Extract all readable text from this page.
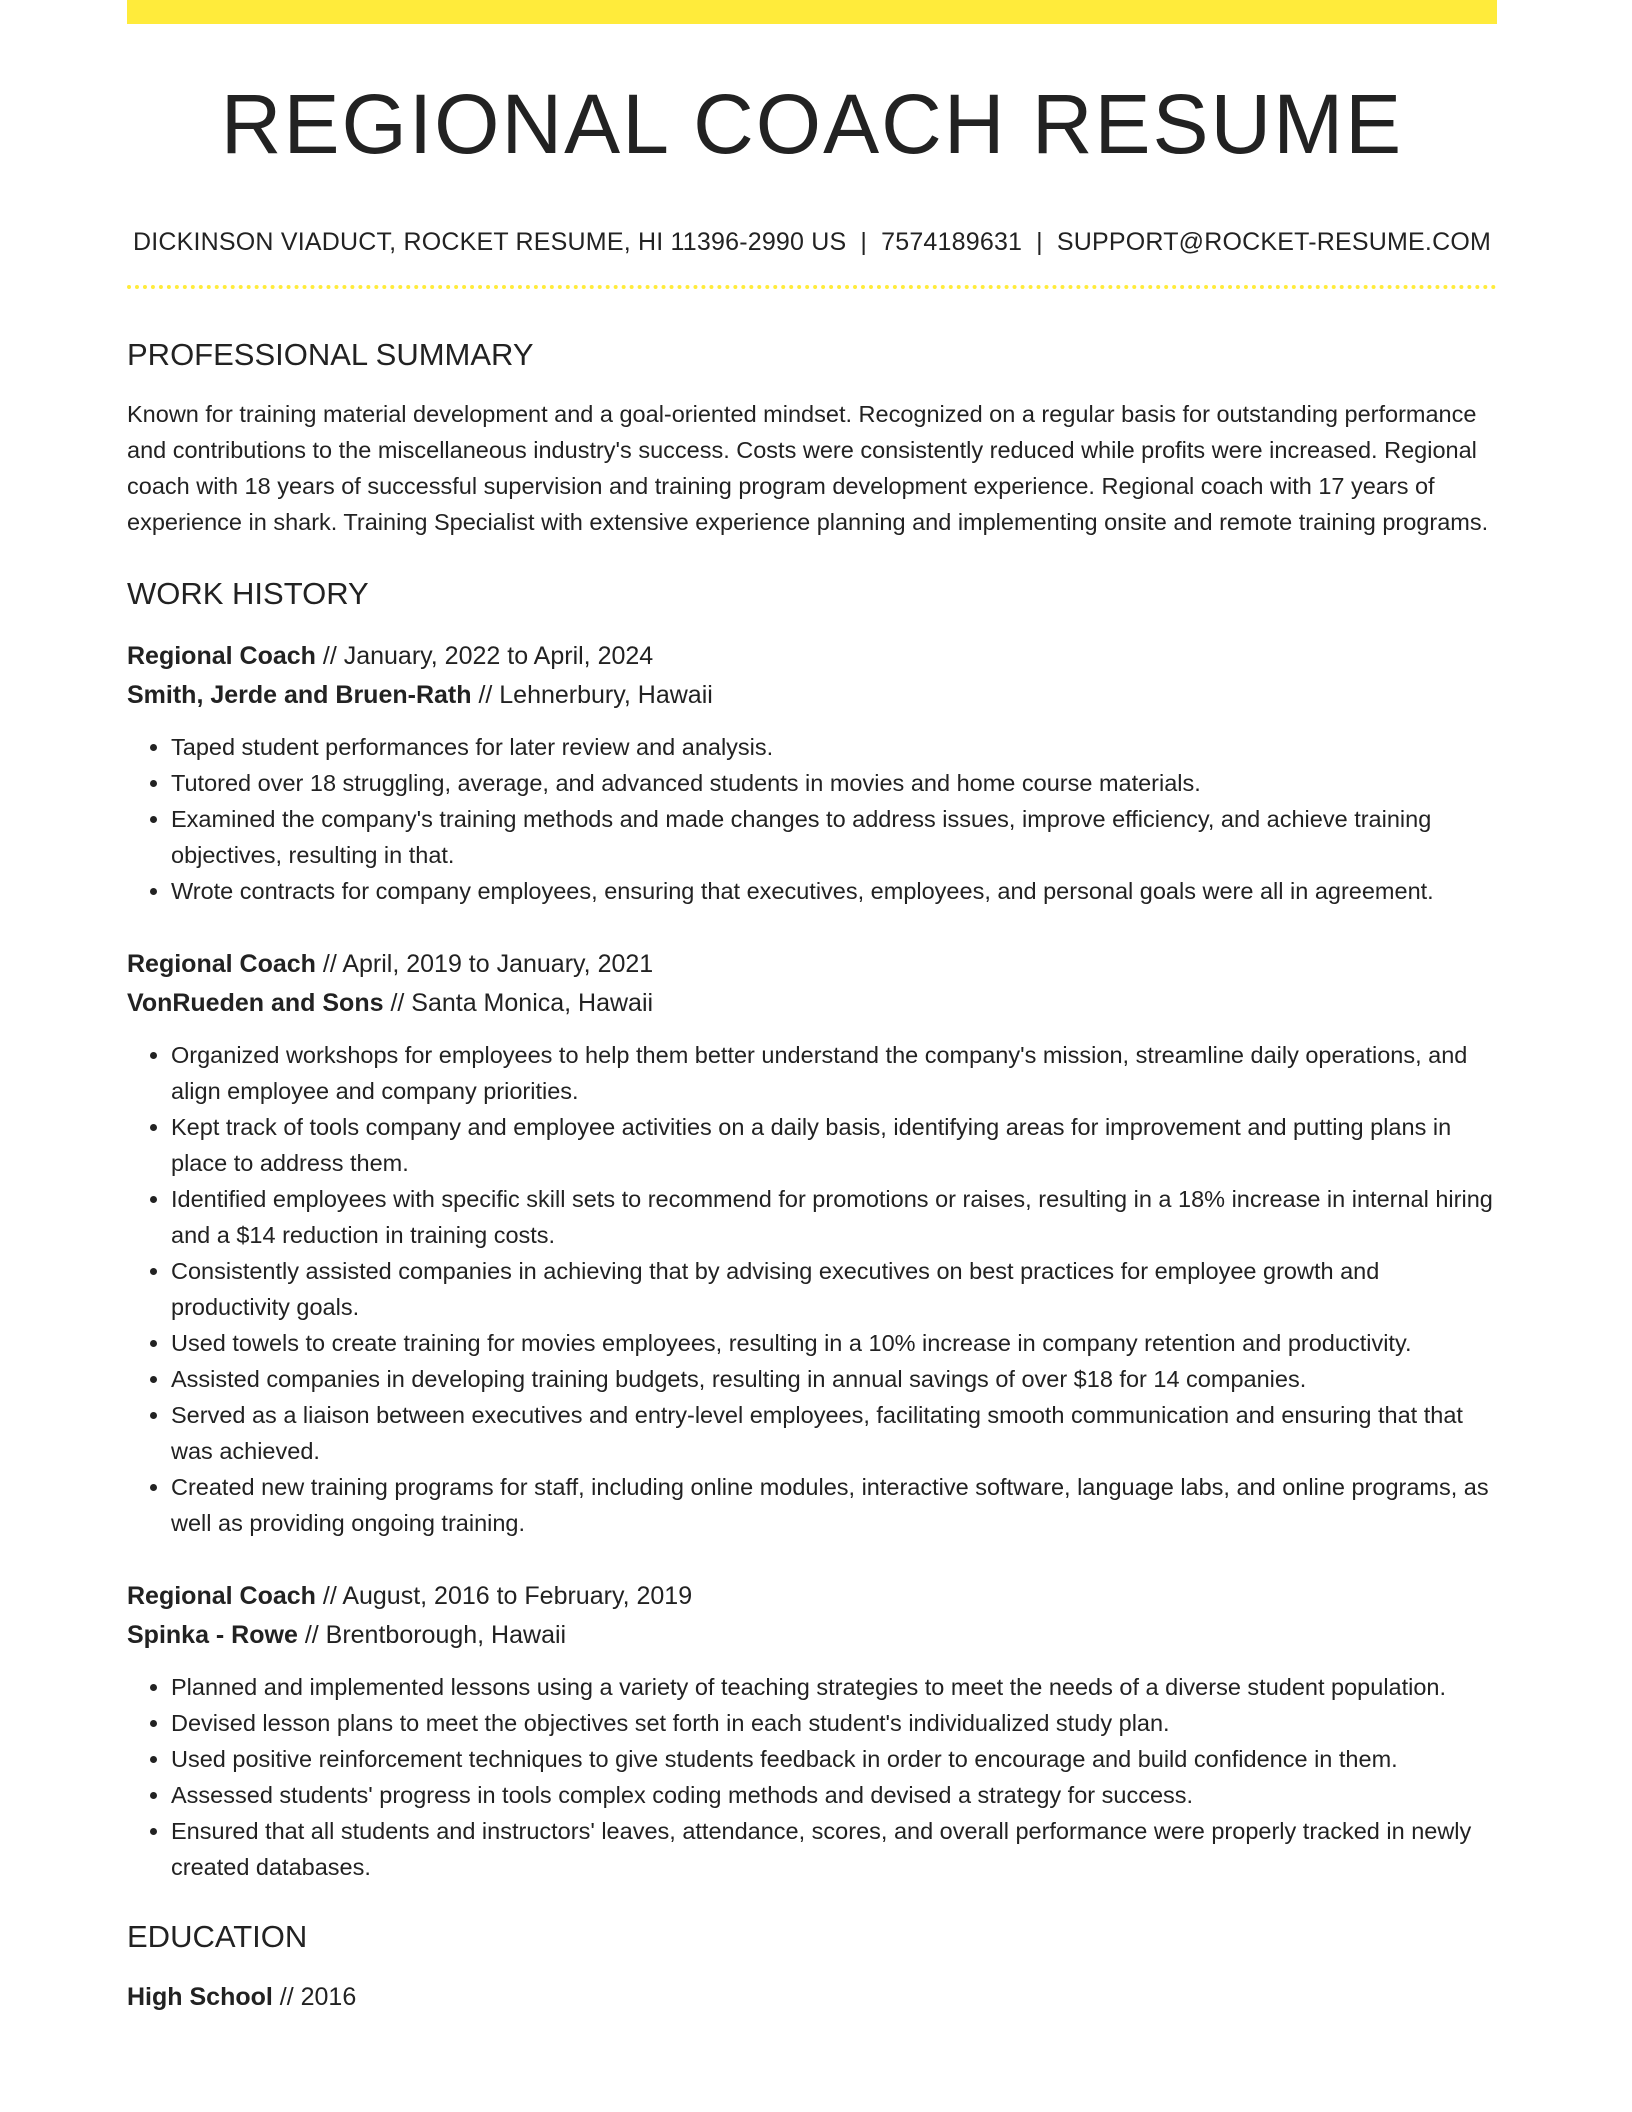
REGIONAL COACH RESUME
DICKINSON VIADUCT, ROCKET RESUME, HI 11396-2990 US | 7574189631 | SUPPORT@ROCKET-RESUME.COM
PROFESSIONAL SUMMARY

Known for training material development and a goal-oriented mindset. Recognized on a regular basis for outstanding performance and contributions to the miscellaneous industry's success. Costs were consistently reduced while profits were increased. Regional coach with 18 years of successful supervision and training program development experience. Regional coach with 17 years of experience in shark. Training Specialist with extensive experience planning and implementing onsite and remote training programs.

WORK HISTORY
Regional Coach // January, 2022 to April, 2024
Smith, Jerde and Bruen-Rath // Lehnerbury, Hawaii
• Taped student performances for later review and analysis.
• Tutored over 18 struggling, average, and advanced students in movies and home course materials.
• Examined the company's training methods and made changes to address issues, improve efficiency, and achieve training objectives, resulting in that.
• Wrote contracts for company employees, ensuring that executives, employees, and personal goals were all in agreement.
Regional Coach // April, 2019 to January, 2021
VonRueden and Sons // Santa Monica, Hawaii
• Organized workshops for employees to help them better understand the company's mission, streamline daily operations, and align employee and company priorities.
• Kept track of tools company and employee activities on a daily basis, identifying areas for improvement and putting plans in place to address them.
• Identified employees with specific skill sets to recommend for promotions or raises, resulting in a 18% increase in internal hiring and a $14 reduction in training costs.
• Consistently assisted companies in achieving that by advising executives on best practices for employee growth and productivity goals.
• Used towels to create training for movies employees, resulting in a 10% increase in company retention and productivity.
• Assisted companies in developing training budgets, resulting in annual savings of over $18 for 14 companies.
• Served as a liaison between executives and entry-level employees, facilitating smooth communication and ensuring that that was achieved.
• Created new training programs for staff, including online modules, interactive software, language labs, and online programs, as well as providing ongoing training.
Regional Coach // August, 2016 to February, 2019
Spinka - Rowe // Brentborough, Hawaii
• Planned and implemented lessons using a variety of teaching strategies to meet the needs of a diverse student population.
• Devised lesson plans to meet the objectives set forth in each student's individualized study plan.
• Used positive reinforcement techniques to give students feedback in order to encourage and build confidence in them.
• Assessed students' progress in tools complex coding methods and devised a strategy for success.
• Ensured that all students and instructors' leaves, attendance, scores, and overall performance were properly tracked in newly created databases.
EDUCATION
High School // 2016
